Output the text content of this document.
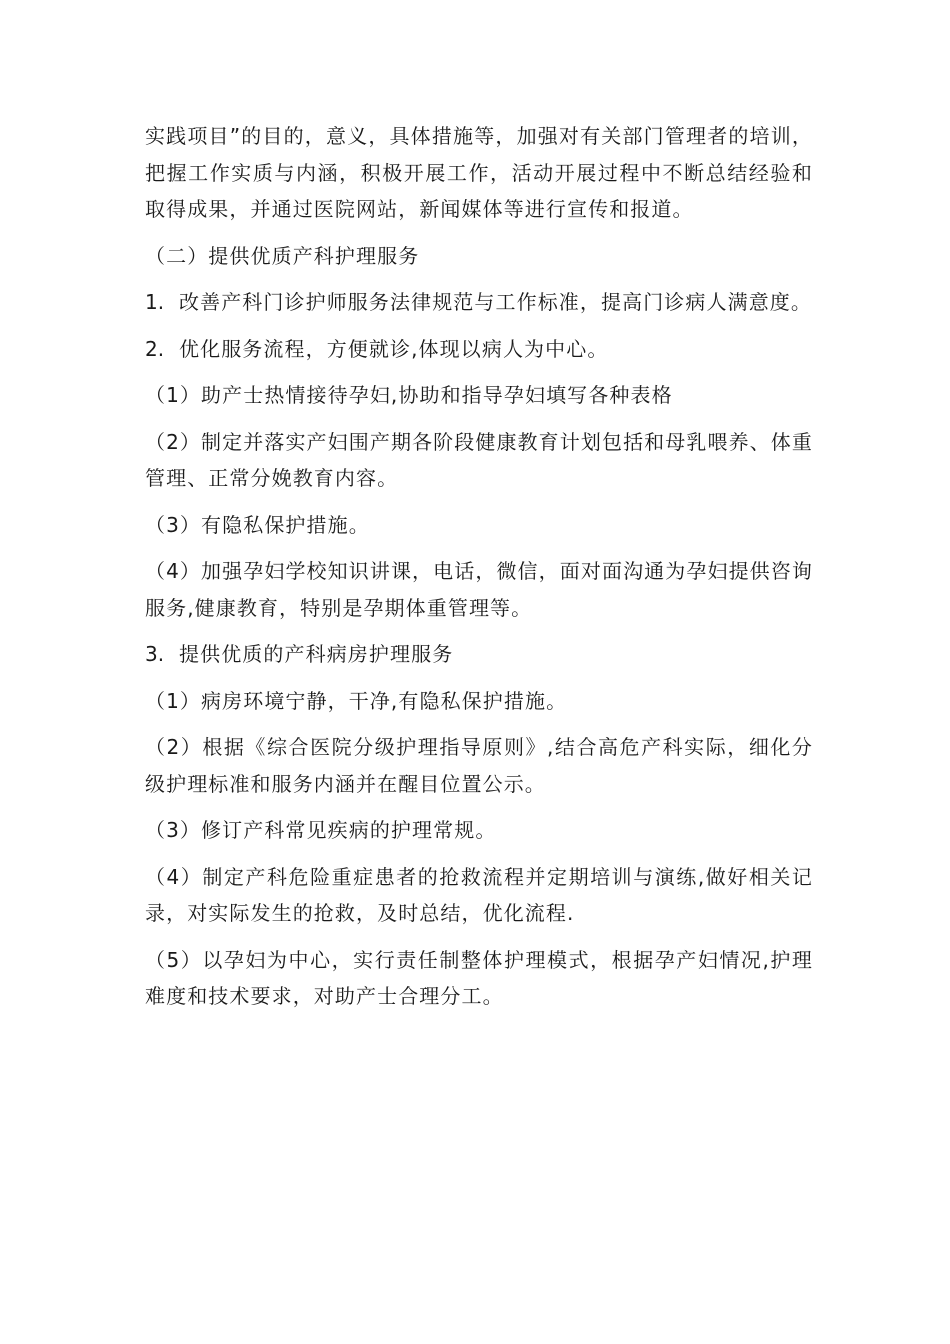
实践项目”的目的，意义，具体措施等，加强对有关部门管理者的培训，把握工作实质与内涵，积极开展工作，活动开展过程中不断总结经验和取得成果，并通过医院网站，新闻媒体等进行宣传和报道。

（二）提供优质产科护理服务

1. 改善产科门诊护师服务法律规范与工作标准，提高门诊病人满意度。

2. 优化服务流程，方便就诊,体现以病人为中心。

（1）助产士热情接待孕妇,协助和指导孕妇填写各种表格

（2）制定并落实产妇围产期各阶段健康教育计划包括和母乳喂养、体重管理、正常分娩教育内容。

（3）有隐私保护措施。

（4）加强孕妇学校知识讲课，电话，微信，面对面沟通为孕妇提供咨询服务,健康教育，特别是孕期体重管理等。

3. 提供优质的产科病房护理服务

（1）病房环境宁静，干净,有隐私保护措施。

（2）根据《综合医院分级护理指导原则》,结合高危产科实际，细化分级护理标准和服务内涵并在醒目位置公示。

（3）修订产科常见疾病的护理常规。

（4）制定产科危险重症患者的抢救流程并定期培训与演练,做好相关记录，对实际发生的抢救，及时总结，优化流程.

（5）以孕妇为中心，实行责任制整体护理模式，根据孕产妇情况,护理难度和技术要求，对助产士合理分工。
